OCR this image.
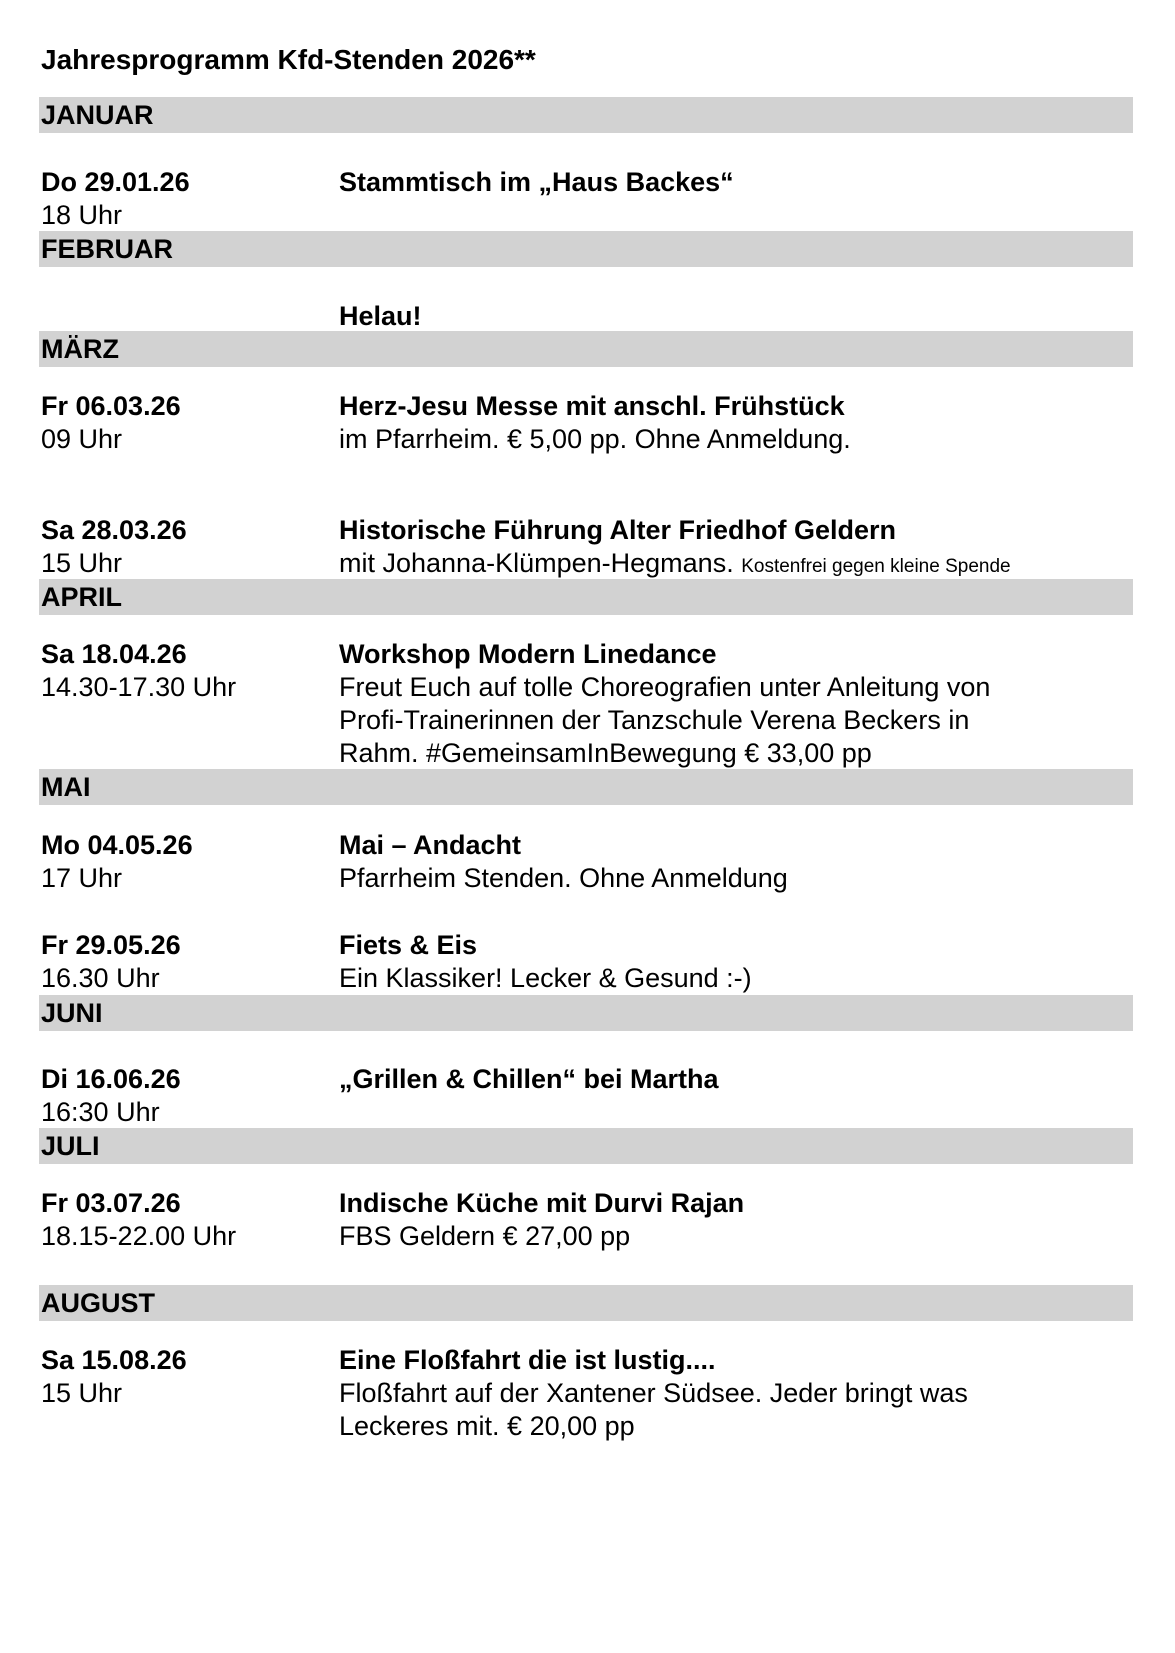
Jahresprogramm Kfd-Stenden 2026**
JANUAR
Do 29.01.26
18 Uhr
Stammtisch im „Haus Backes“
FEBRUAR
Helau!
MÄRZ
Fr 06.03.26
09 Uhr
Herz-Jesu Messe mit anschl. Frühstück
im Pfarrheim. € 5,00 pp. Ohne Anmeldung.
Sa 28.03.26
15 Uhr
Historische Führung Alter Friedhof Geldern
mit Johanna-Klümpen-Hegmans. Kostenfrei gegen kleine Spende
APRIL
Sa 18.04.26
14.30-17.30 Uhr
Workshop Modern Linedance
Freut Euch auf tolle Choreografien unter Anleitung von
Profi-Trainerinnen der Tanzschule Verena Beckers in
Rahm. #GemeinsamInBewegung € 33,00 pp
MAI
Mo 04.05.26
17 Uhr
Mai – Andacht
Pfarrheim Stenden. Ohne Anmeldung
Fr 29.05.26
16.30 Uhr
Fiets & Eis
Ein Klassiker! Lecker & Gesund :-)
JUNI
Di 16.06.26
16:30 Uhr
„Grillen & Chillen“ bei Martha
JULI
Fr 03.07.26
18.15-22.00 Uhr
Indische Küche mit Durvi Rajan
FBS Geldern € 27,00 pp
AUGUST
Sa 15.08.26
15 Uhr
Eine Floßfahrt die ist lustig....
Floßfahrt auf der Xantener Südsee. Jeder bringt was
Leckeres mit. € 20,00 pp
